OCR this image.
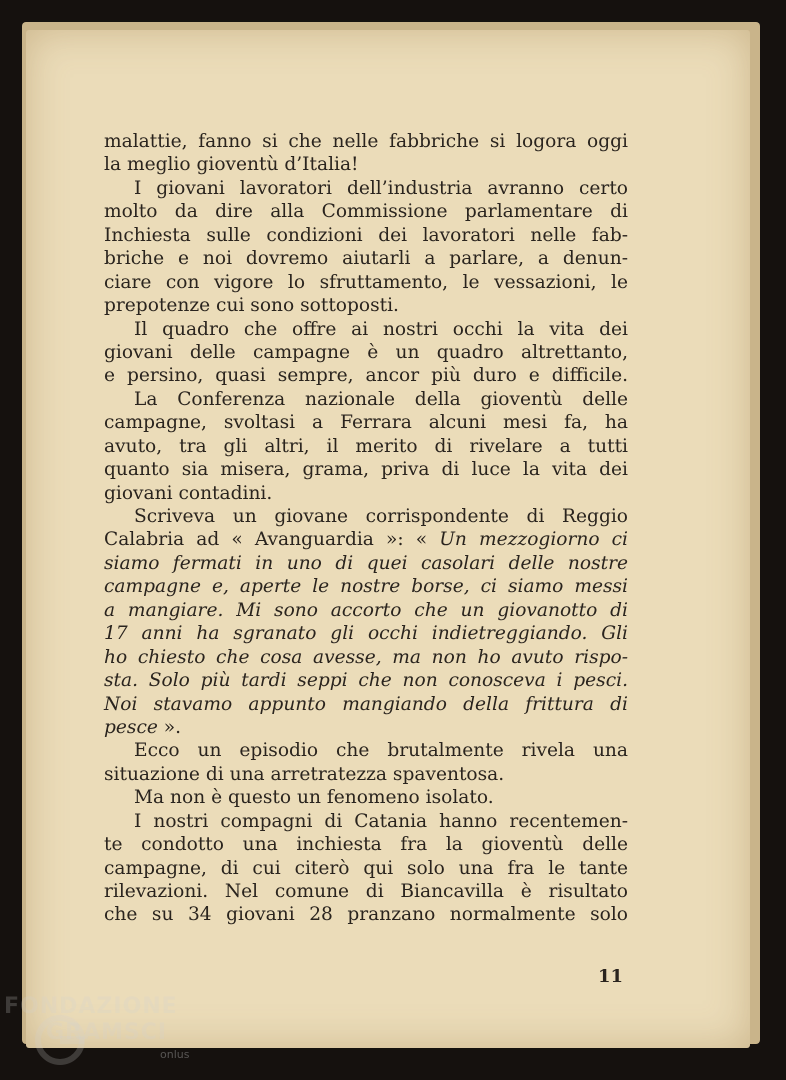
malattie, fanno si che nelle fabbriche si logora oggi
la meglio gioventù d’Italia!
I giovani lavoratori dell’industria avranno certo
molto da dire alla Commissione parlamentare di
Inchiesta sulle condizioni dei lavoratori nelle fab-
briche e noi dovremo aiutarli a parlare, a denun-
ciare con vigore lo sfruttamento, le vessazioni, le
prepotenze cui sono sottoposti.
Il quadro che offre ai nostri occhi la vita dei
giovani delle campagne è un quadro altrettanto,
e persino, quasi sempre, ancor più duro e difficile.
La Conferenza nazionale della gioventù delle
campagne, svoltasi a Ferrara alcuni mesi fa, ha
avuto, tra gli altri, il merito di rivelare a tutti
quanto sia misera, grama, priva di luce la vita dei
giovani contadini.
Scriveva un giovane corrispondente di Reggio
Calabria ad « Avanguardia »: « Un mezzogiorno ci
siamo fermati in uno di quei casolari delle nostre
campagne e, aperte le nostre borse, ci siamo messi
a mangiare. Mi sono accorto che un giovanotto di
17 anni ha sgranato gli occhi indietreggiando. Gli
ho chiesto che cosa avesse, ma non ho avuto rispo-
sta. Solo più tardi seppi che non conosceva i pesci.
Noi stavamo appunto mangiando della frittura di
pesce ».
Ecco un episodio che brutalmente rivela una
situazione di una arretratezza spaventosa.
Ma non è questo un fenomeno isolato.
I nostri compagni di Catania hanno recentemen-
te condotto una inchiesta fra la gioventù delle
campagne, di cui citerò qui solo una fra le tante
rilevazioni. Nel comune di Biancavilla è risultato
che su 34 giovani 28 pranzano normalmente solo
11
FONDAZIONE
GRAMSCI
onlus
